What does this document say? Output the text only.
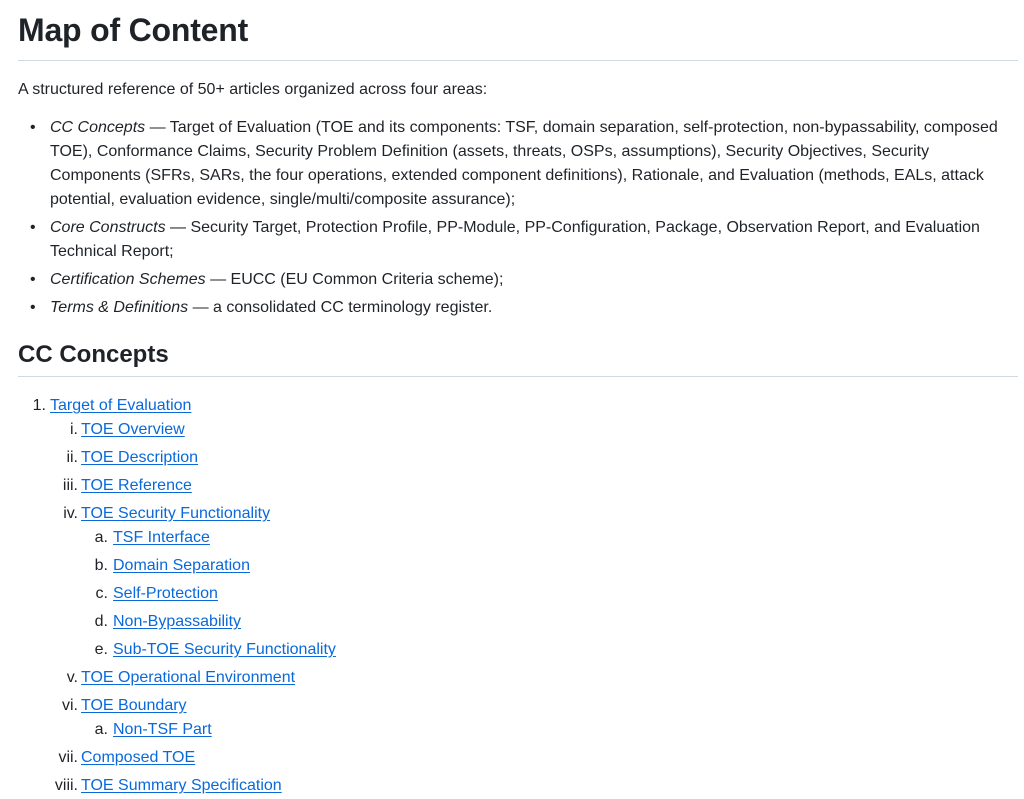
Map of Content

A structured reference of 50+ articles organized across four areas:

• CC Concepts — Target of Evaluation (TOE and its components: TSF, domain separation, self-protection, non-bypassability, composed TOE), Conformance Claims, Security Problem Definition (assets, threats, OSPs, assumptions), Security Objectives, Security Components (SFRs, SARs, the four operations, extended component definitions), Rationale, and Evaluation (methods, EALs, attack potential, evaluation evidence, single/multi/composite assurance);
• Core Constructs — Security Target, Protection Profile, PP-Module, PP-Configuration, Package, Observation Report, and Evaluation Technical Report;
• Certification Schemes — EUCC (EU Common Criteria scheme);
• Terms & Definitions — a consolidated CC terminology register.
CC Concepts
1. Target of Evaluation
i. TOE Overview
ii. TOE Description
iii. TOE Reference
iv. TOE Security Functionality
a. TSF Interface
b. Domain Separation
c. Self-Protection
d. Non-Bypassability
e. Sub-TOE Security Functionality
v. TOE Operational Environment
vi. TOE Boundary
a. Non-TSF Part
vii. Composed TOE
viii. TOE Summary Specification
